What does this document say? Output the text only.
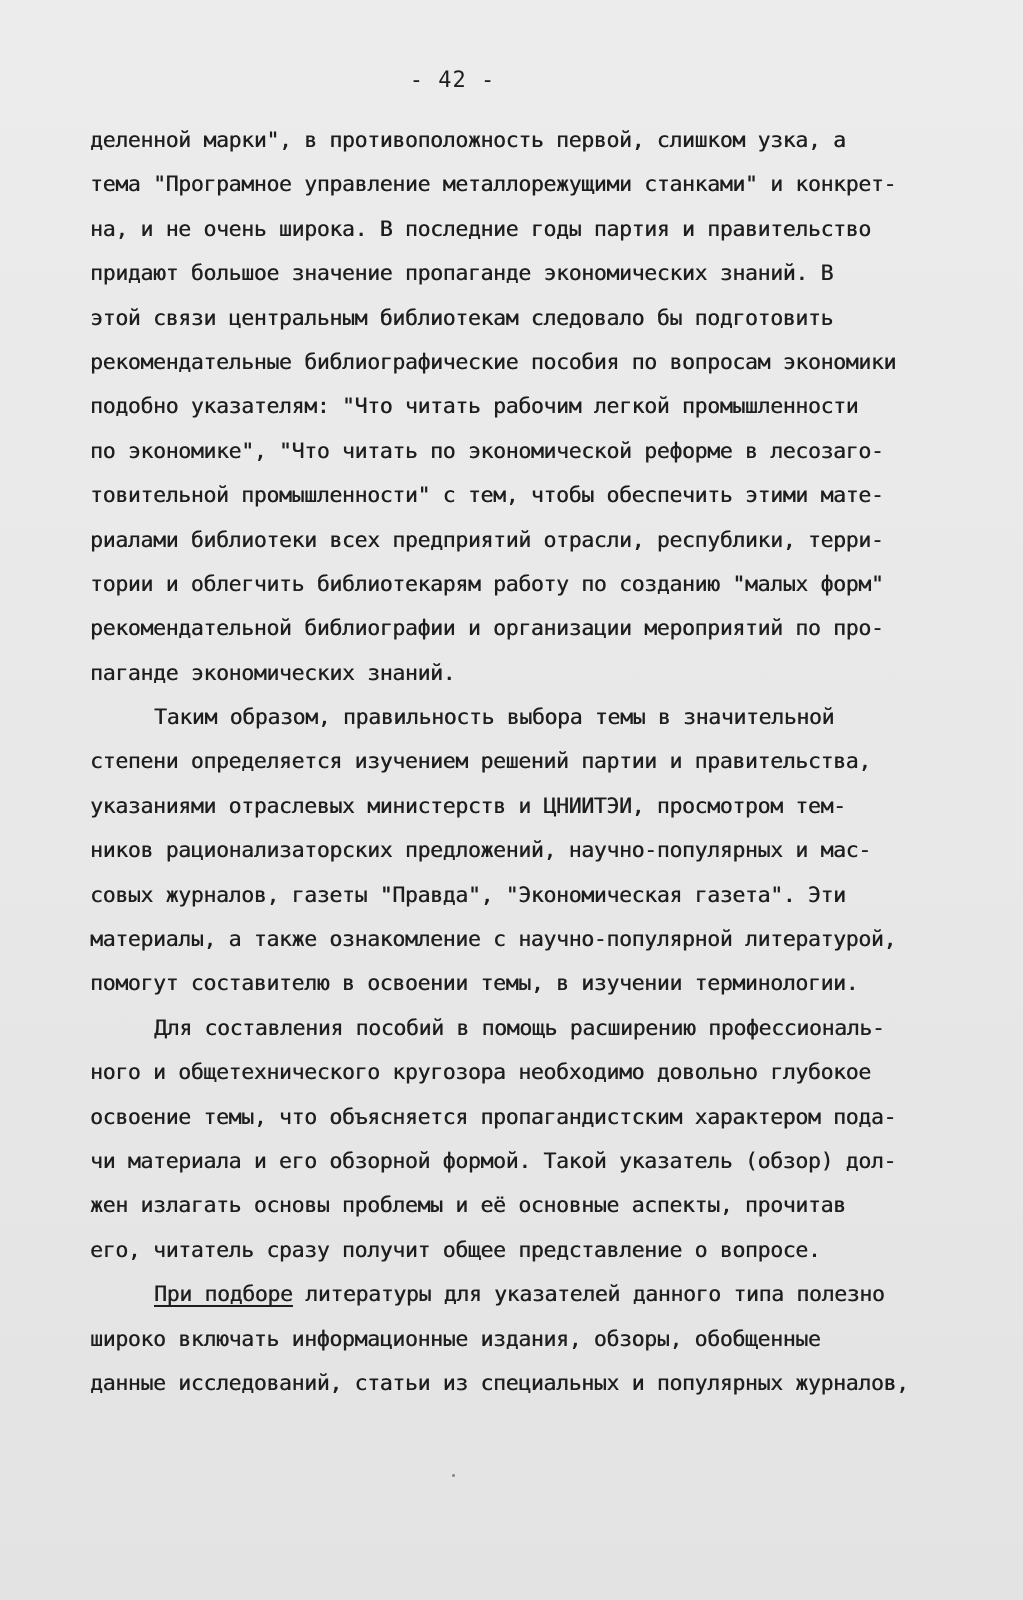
- 42 -
деленной марки", в противоположность первой, слишком узка, а
тема "Програмное управление металлорежущими станками" и конкрет-
на, и не очень широка. В последние годы партия и правительство
придают большое значение пропаганде экономических знаний. В
этой связи центральным библиотекам следовало бы подготовить
рекомендательные библиографические пособия по вопросам экономики
подобно указателям: "Что читать рабочим легкой промышленности
по экономике", "Что читать по экономической реформе в лесозаго-
товительной промышленности" с тем, чтобы обеспечить этими мате-
риалами библиотеки всех предприятий отрасли, республики, терри-
тории и облегчить библиотекарям работу по созданию "малых форм"
рекомендательной библиографии и организации мероприятий по про-
паганде экономических знаний.
Таким образом, правильность выбора темы в значительной
степени определяется изучением решений партии и правительства,
указаниями отраслевых министерств и ЦНИИТЭИ, просмотром тем-
ников рационализаторских предложений, научно-популярных и мас-
совых журналов, газеты "Правда", "Экономическая газета". Эти
материалы, а также ознакомление с научно-популярной литературой,
помогут составителю в освоении темы, в изучении терминологии.
Для составления пособий в помощь расширению профессиональ-
ного и общетехнического кругозора необходимо довольно глубокое
освоение темы, что объясняется пропагандистским характером пода-
чи материала и его обзорной формой. Такой указатель (обзор) дол-
жен излагать основы проблемы и её основные аспекты, прочитав
его, читатель сразу получит общее представление о вопросе.
При подборе литературы для указателей данного типа полезно
широко включать информационные издания, обзоры, обобщенные
данные исследований, статьи из специальных и популярных журналов,
